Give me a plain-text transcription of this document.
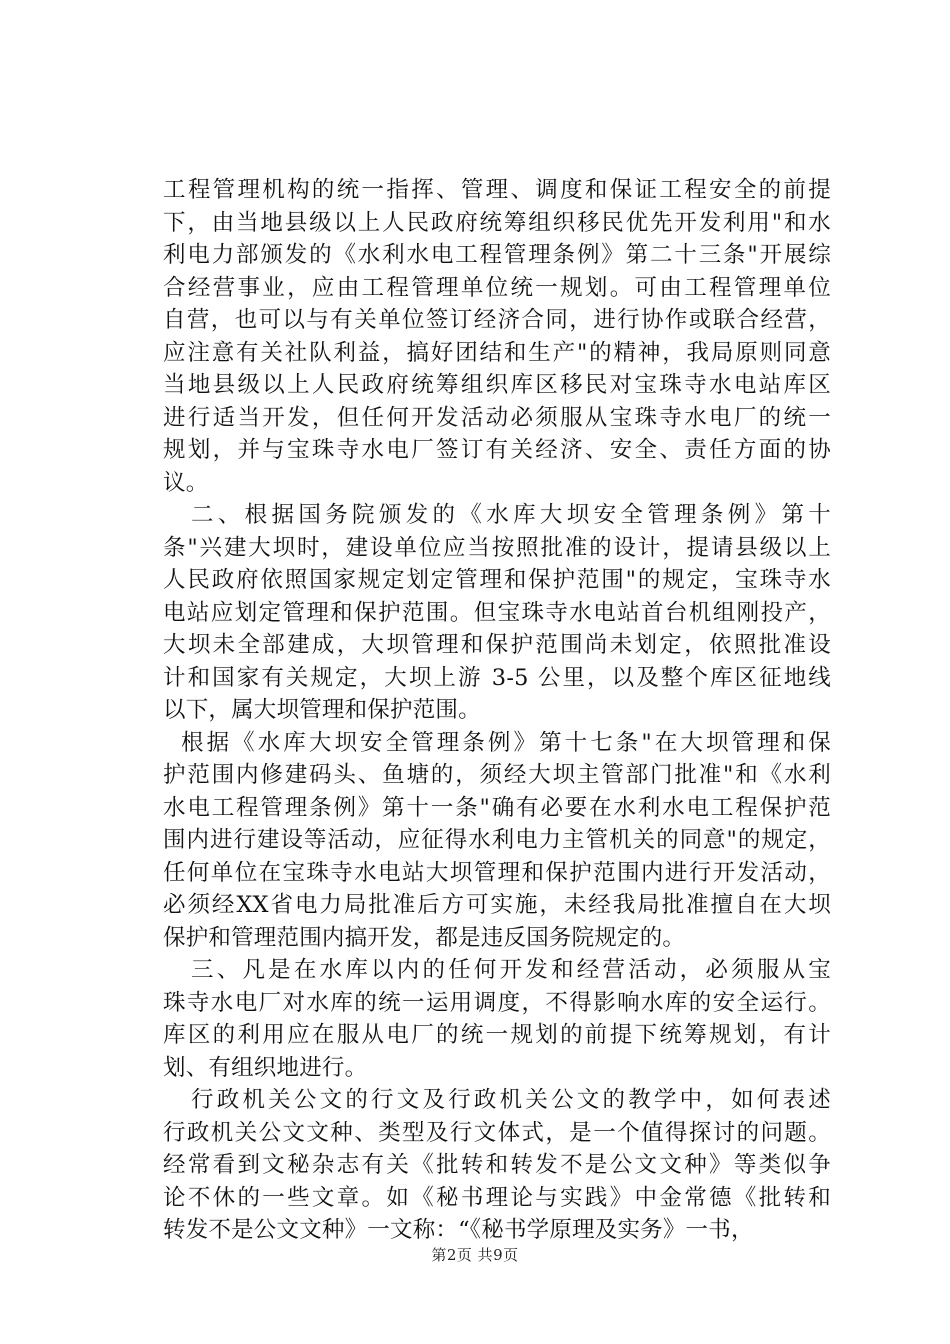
工程管理机构的统一指挥、管理、调度和保证工程安全的前提
下，由当地县级以上人民政府统筹组织移民优先开发利用"和水
利电力部颁发的《水利水电工程管理条例》第二十三条"开展综
合经营事业，应由工程管理单位统一规划。可由工程管理单位
自营，也可以与有关单位签订经济合同，进行协作或联合经营，
应注意有关社队利益，搞好团结和生产"的精神，我局原则同意
当地县级以上人民政府统筹组织库区移民对宝珠寺水电站库区
进行适当开发，但任何开发活动必须服从宝珠寺水电厂的统一
规划，并与宝珠寺水电厂签订有关经济、安全、责任方面的协
议。
二、根据国务院颁发的《水库大坝安全管理条例》第十
条"兴建大坝时，建设单位应当按照批准的设计，提请县级以上
人民政府依照国家规定划定管理和保护范围"的规定，宝珠寺水
电站应划定管理和保护范围。但宝珠寺水电站首台机组刚投产，
大坝未全部建成，大坝管理和保护范围尚未划定，依照批准设
计和国家有关规定，大坝上游 3-5 公里，以及整个库区征地线
以下，属大坝管理和保护范围。
根据《水库大坝安全管理条例》第十七条"在大坝管理和保
护范围内修建码头、鱼塘的，须经大坝主管部门批准"和《水利
水电工程管理条例》第十一条"确有必要在水利水电工程保护范
围内进行建设等活动，应征得水利电力主管机关的同意"的规定，
任何单位在宝珠寺水电站大坝管理和保护范围内进行开发活动，
必须经XX省电力局批准后方可实施，未经我局批准擅自在大坝
保护和管理范围内搞开发，都是违反国务院规定的。
三、凡是在水库以内的任何开发和经营活动，必须服从宝
珠寺水电厂对水库的统一运用调度，不得影响水库的安全运行。
库区的利用应在服从电厂的统一规划的前提下统筹规划，有计
划、有组织地进行。
行政机关公文的行文及行政机关公文的教学中，如何表述
行政机关公文文种、类型及行文体式，是一个值得探讨的问题。
经常看到文秘杂志有关《批转和转发不是公文文种》等类似争
论不休的一些文章。如《秘书理论与实践》中金常德《批转和
转发不是公文文种》一文称：“《秘书学原理及实务》一书，
第2页 共9页
